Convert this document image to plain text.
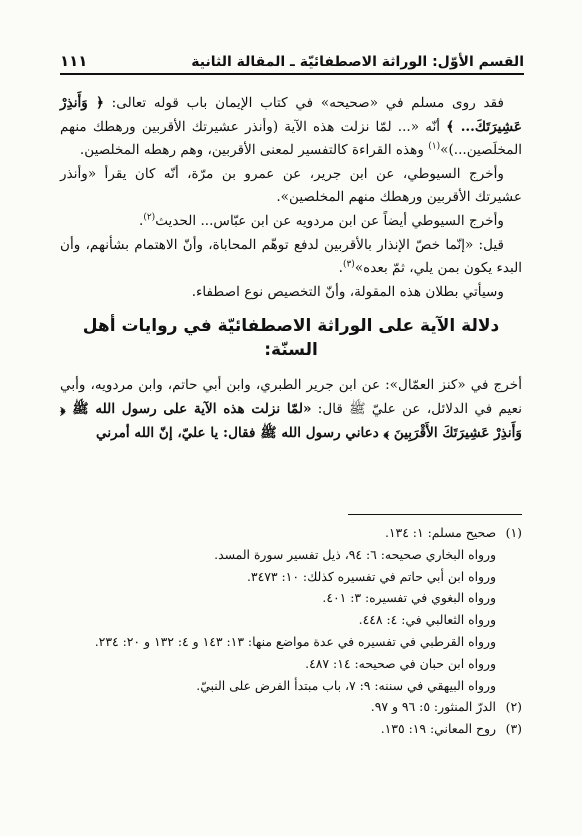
القسم الأوّل: الوراثة الاصطفائيّة ـ المقالة الثانية
١١١

فقد روى مسلم في «صحيحه» في كتاب الإيمان باب قوله تعالى: ﴿ وَأَنذِرْ عَشِيرَتَكَ... ﴾ أنّه «... لمّا نزلت هذه الآية (وأنذر عشيرتك الأقربين ورهطك منهم المخلَصين...)»$^{(١)}$ وهذه القراءة كالتفسير لمعنى الأقربين، وهم رهطه المخلصين.

وأخرج السيوطي، عن ابن جرير، عن عمرو بن مرّة، أنّه كان يقرأ «وأنذر عشيرتك الأقربين ورهطك منهم المخلصين».

وأخرج السيوطي أيضاً عن ابن مردويه عن ابن عبّاس... الحديث$^{(٢)}$.

قيل: «إنّما خصّ الإنذار بالأقربين لدفع توهّم المحاباة، وأنّ الاهتمام بشأنهم، وأن البدء يكون بمن يلي، ثمّ بعده»$^{(٣)}$.

وسيأتي بطلان هذه المقولة، وأنّ التخصيص نوع اصطفاء.

دلالة الآية على الوراثة الاصطفائيّة في روايات أهل السنّة:

أخرج في «كنز العمّال»: عن ابن جرير الطبري، وابن أبي حاتم، وابن مردويه، وأبي نعيم في الدلائل، عن عليّ ﷺ قال: «لمّا نزلت هذه الآية على رسول الله ﷺ ﴿ وَأَنذِرْ عَشِيرَتَكَ الأَقْرَبِينَ ﴾ دعاني رسول الله ﷺ فقال: يا عليّ، إنّ الله أمرني

(١)
صحيح مسلم: ١: ١٣٤.
ورواه البخاري صحيحه: ٦: ٩٤، ذيل تفسير سورة المسد.
ورواه ابن أبي حاتم في تفسيره كذلك: ١٠: ٣٤٧٣.
ورواه البغوي في تفسيره: ٣: ٤٠١.
ورواه الثعالبي في: ٤: ٤٤٨.
ورواه القرطبي في تفسيره في عدة مواضع منها: ١٣: ١٤٣ و ٤: ١٣٢ و ٢٠: ٢٣٤.
ورواه ابن حبان في صحيحه: ١٤: ٤٨٧.
ورواه البيهقي في سننه: ٩: ٧، باب مبتدأ الفرض على النبيّ.
(٢)
الدرّ المنثور: ٥: ٩٦ و ٩٧.
(٣)
روح المعاني: ١٩: ١٣٥.
